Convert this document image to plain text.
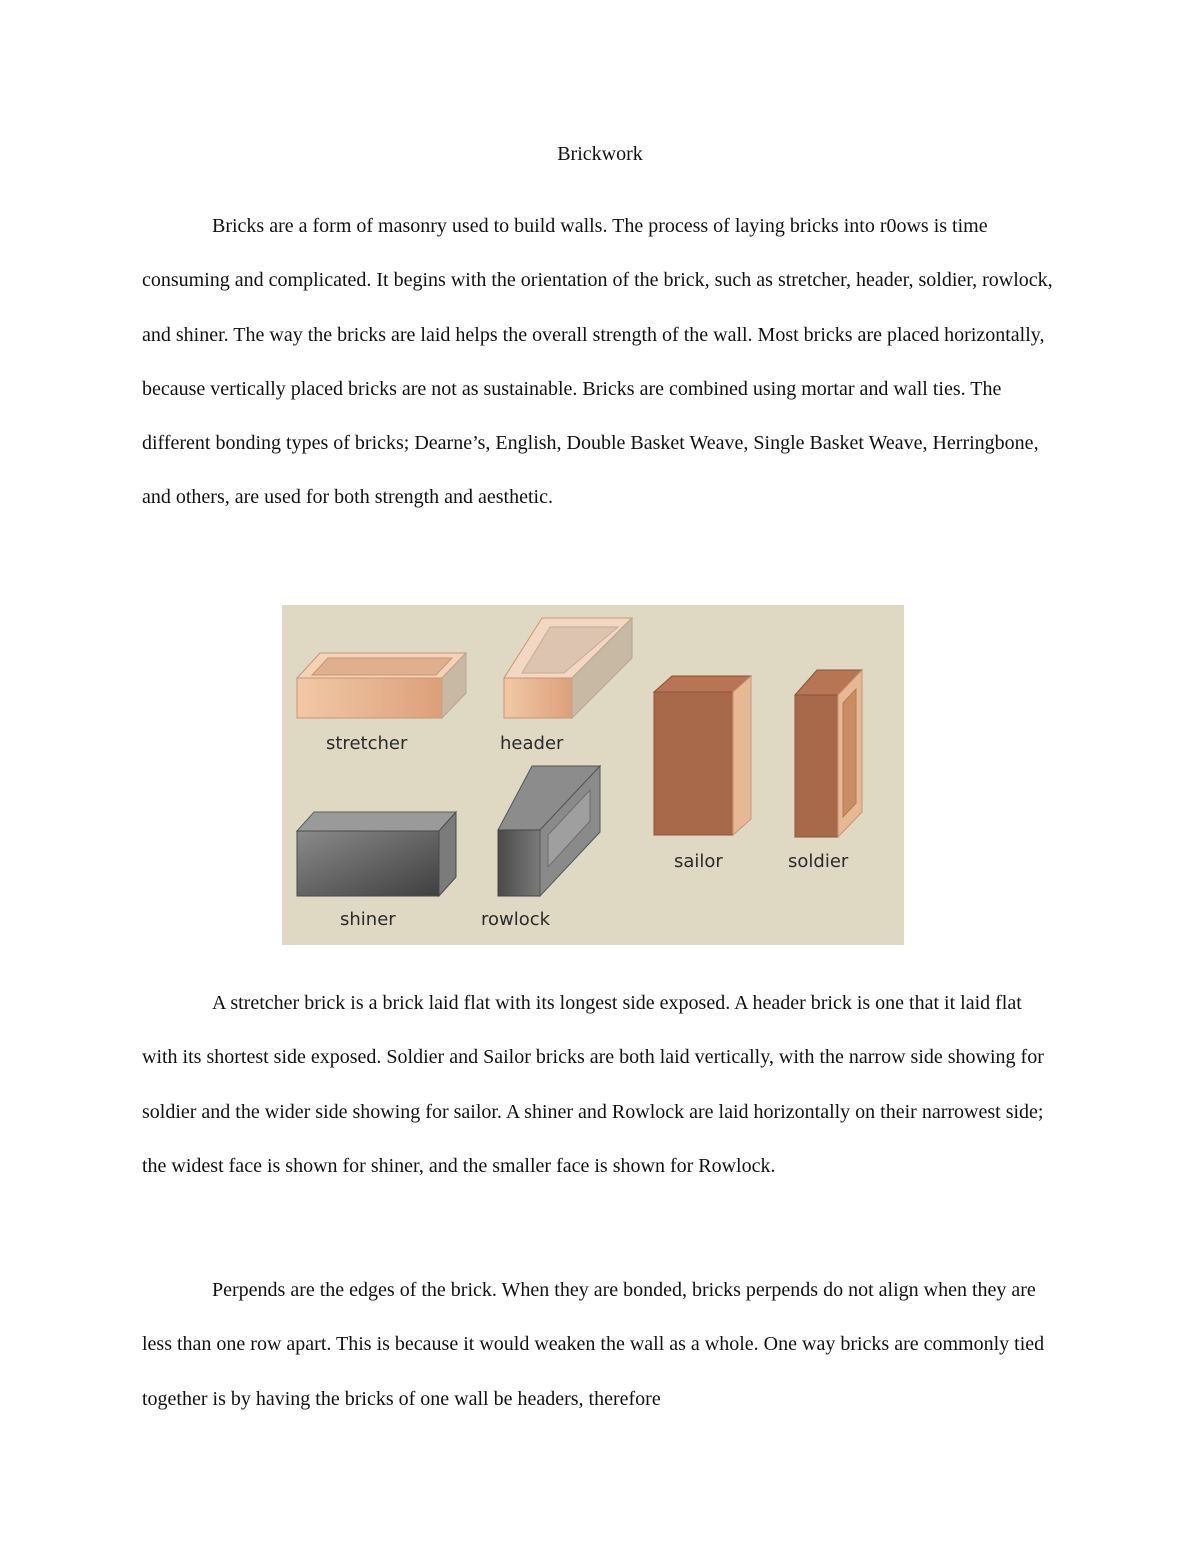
Brickwork

Bricks are a form of masonry used to build walls. The process of laying bricks into r0ows is time consuming and complicated. It begins with the orientation of the brick, such as stretcher, header, soldier, rowlock, and shiner. The way the bricks are laid helps the overall strength of the wall. Most bricks are placed horizontally, because vertically placed bricks are not as sustainable. Bricks are combined using mortar and wall ties. The different bonding types of bricks; Dearne’s, English, Double Basket Weave, Single Basket Weave, Herringbone, and others, are used for both strength and aesthetic.

stretcher	header
sailor	soldier
shiner	rowlock

A stretcher brick is a brick laid flat with its longest side exposed. A header brick is one that it laid flat with its shortest side exposed. Soldier and Sailor bricks are both laid vertically, with the narrow side showing for soldier and the wider side showing for sailor. A shiner and Rowlock are laid horizontally on their narrowest side; the widest face is shown for shiner, and the smaller face is shown for Rowlock.

Perpends are the edges of the brick. When they are bonded, bricks perpends do not align when they are less than one row apart. This is because it would weaken the wall as a whole. One way bricks are commonly tied together is by having the bricks of one wall be headers, therefore
